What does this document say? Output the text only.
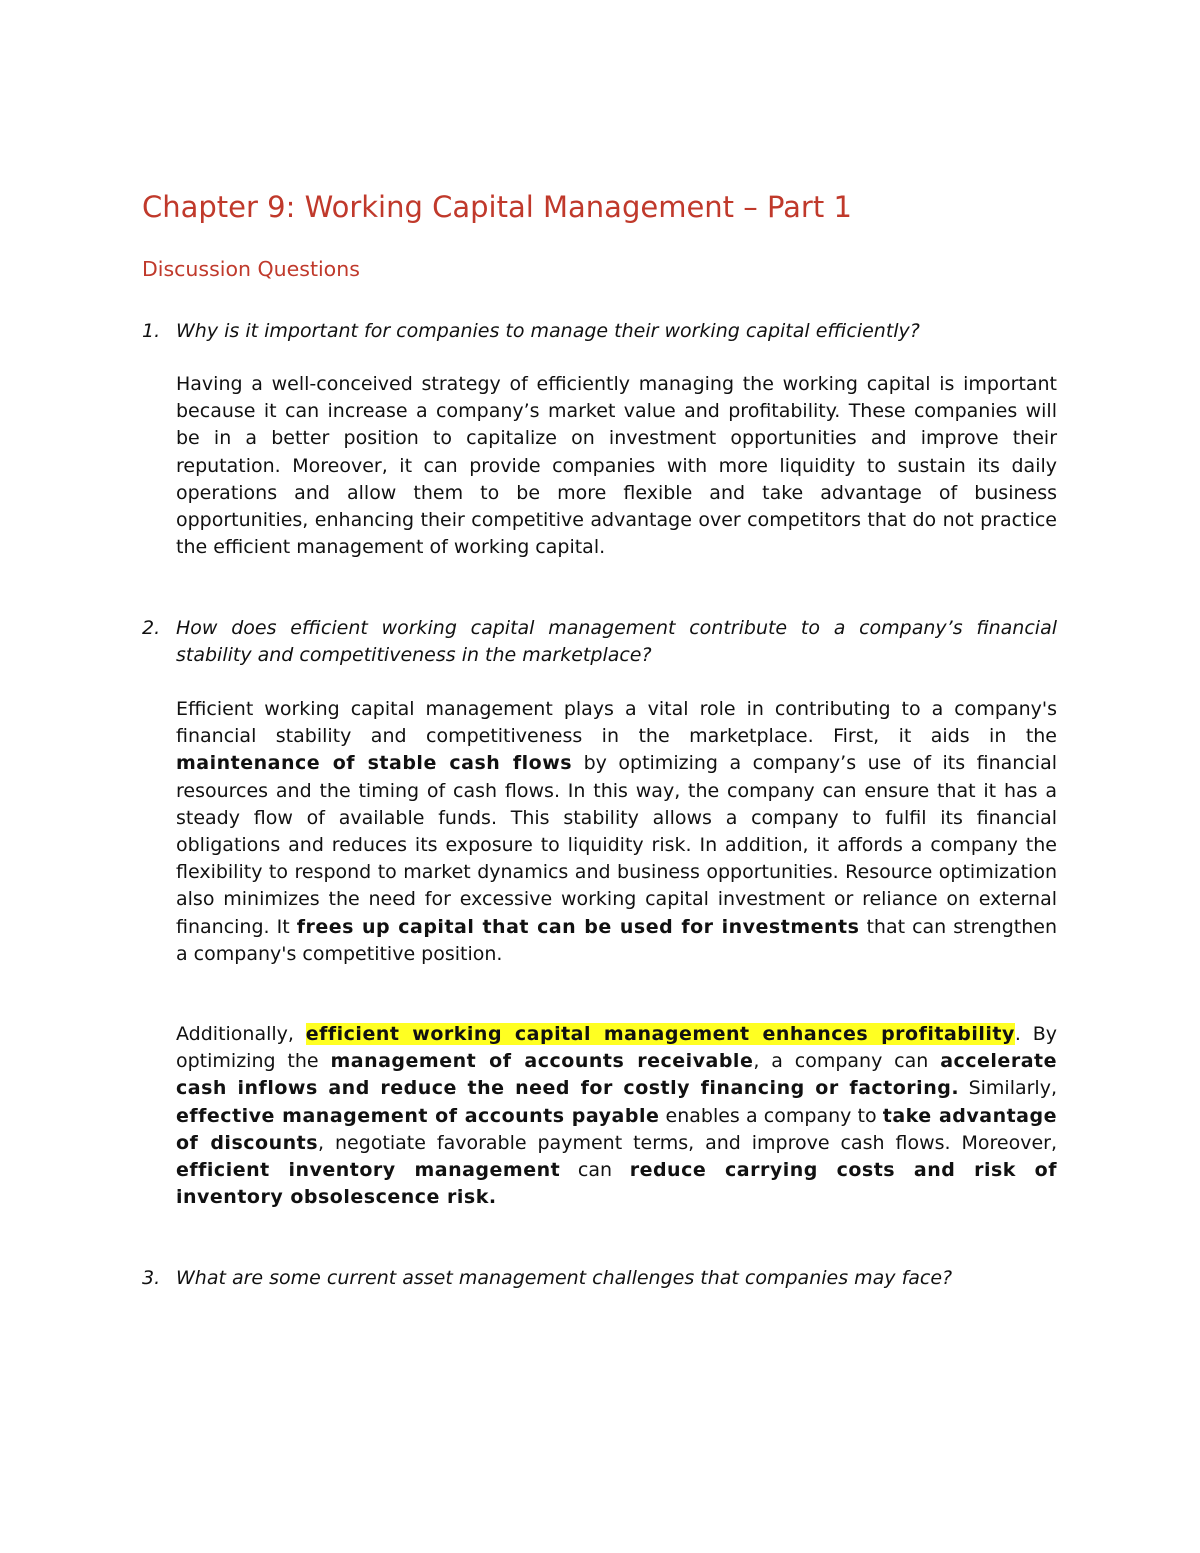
Chapter 9: Working Capital Management – Part 1
Discussion Questions
1. Why is it important for companies to manage their working capital efficiently?
Having a well-conceived strategy of efficiently managing the working capital is important because it can increase a company’s market value and profitability. These companies will be in a better position to capitalize on investment opportunities and improve their reputation. Moreover, it can provide companies with more liquidity to sustain its daily operations and allow them to be more flexible and take advantage of business opportunities, enhancing their competitive advantage over competitors that do not practice the efficient management of working capital.
2. How does efficient working capital management contribute to a company’s financial stability and competitiveness in the marketplace?
Efficient working capital management plays a vital role in contributing to a company's financial stability and competitiveness in the marketplace. First, it aids in the maintenance of stable cash flows by optimizing a company’s use of its financial resources and the timing of cash flows. In this way, the company can ensure that it has a steady flow of available funds. This stability allows a company to fulfil its financial obligations and reduces its exposure to liquidity risk. In addition, it affords a company the flexibility to respond to market dynamics and business opportunities. Resource optimization also minimizes the need for excessive working capital investment or reliance on external financing. It frees up capital that can be used for investments that can strengthen a company's competitive position.
Additionally, efficient working capital management enhances profitability. By optimizing the management of accounts receivable, a company can accelerate cash inflows and reduce the need for costly financing or factoring. Similarly, effective management of accounts payable enables a company to take advantage of discounts, negotiate favorable payment terms, and improve cash flows. Moreover, efficient inventory management can reduce carrying costs and risk of inventory obsolescence risk.
3. What are some current asset management challenges that companies may face?
